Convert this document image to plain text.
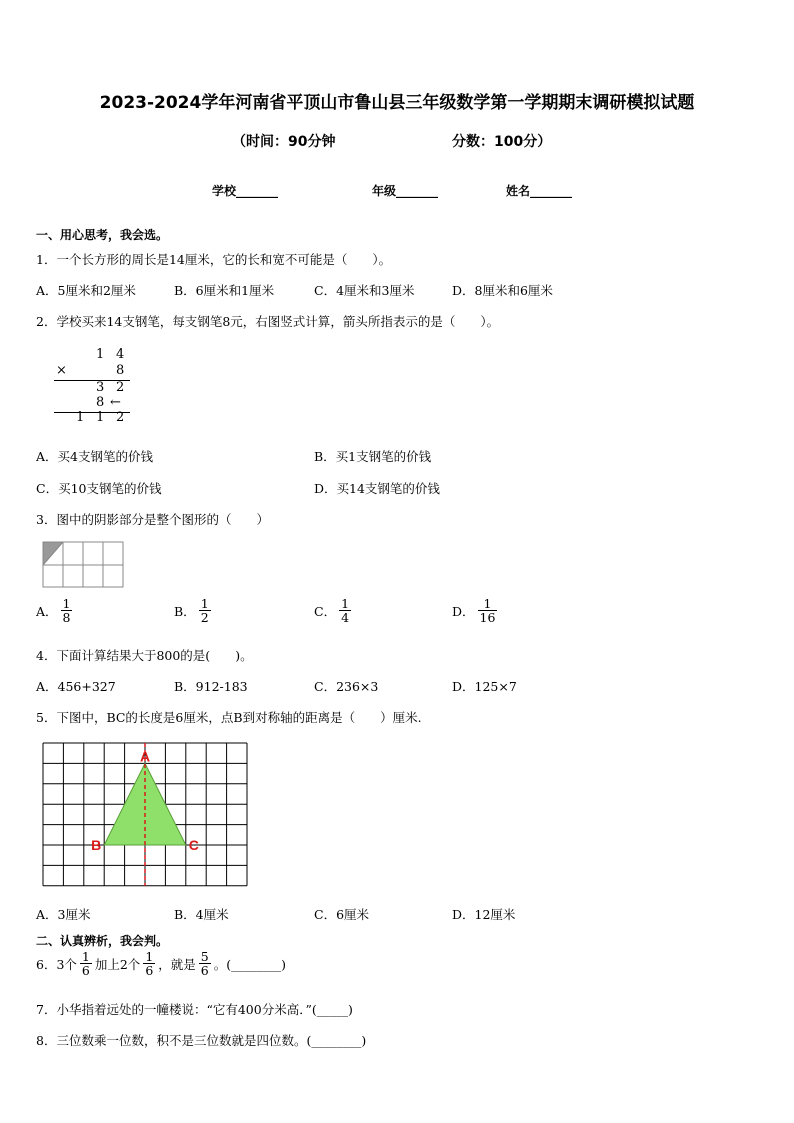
2023-2024学年河南省平顶山市鲁山县三年级数学第一学期期末调研模拟试题
（时间：90分钟	分数：100分）
学校_______	年级_______	姓名_______
一、用心思考，我会选。
1．一个长方形的周长是14厘米，它的长和宽不可能是（　　）。
A．5厘米和2厘米	B．6厘米和1厘米	C．4厘米和3厘米	D．8厘米和6厘米
2．学校买来14支钢笔，每支钢笔8元，右图竖式计算，箭头所指表示的是（　　）。
1 4
×	8
3 2
8 ←
1 1 2
A．买4支钢笔的价钱	B．买1支钢笔的价钱
C．买10支钢笔的价钱	D．买14支钢笔的价钱
3．图中的阴影部分是整个图形的（　　）
A． $\frac{1}{8}$	B． $\frac{1}{2}$	C． $\frac{1}{4}$	D． $\frac{1}{16}$
4．下面计算结果大于800的是(　　)。
A．456+327	B．912-183	C．236×3	D．125×7
5．下图中，BC的长度是6厘米，点B到对称轴的距离是（　　）厘米.
A
B	C
A．3厘米	B．4厘米	C．6厘米	D．12厘米
二、认真辨析，我会判。
6．3个 $\frac{1}{6}$ 加上2个 $\frac{1}{6}$ ，就是 $\frac{5}{6}$ 。(________)
7．小华指着远处的一幢楼说：“它有400分米高．”(_____)
8．三位数乘一位数，积不是三位数就是四位数。(________)
